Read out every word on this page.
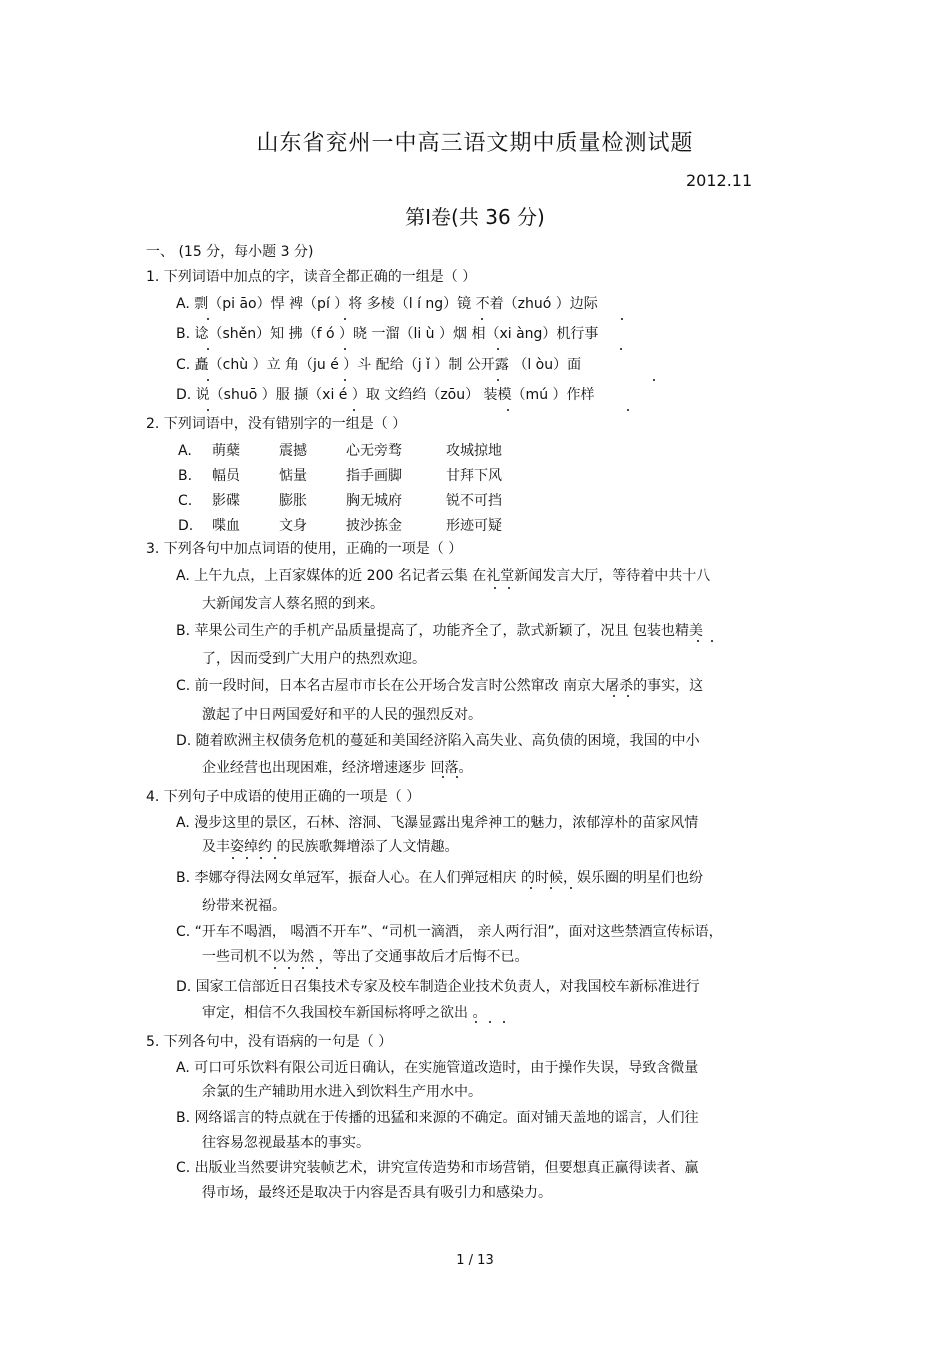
山东省兖州一中高三语文期中质量检测试题
2012.11
第Ⅰ卷(共 36 分)
一、 (15 分，每小题 3 分)
1. 下列词语中加点的字，读音全都正确的一组是（ ）
A. 剽（pi āo）悍 裨（pí ）将 多棱（l í ng）镜 不着（zhuó ）边际
B. 谂（shěn）知 拂（f ó ）晓 一溜（li ù ）烟 相（xi àng）机行事
C. 矗（chù ）立 角（ju é ）斗 配给（j ǐ ）制 公开露 （l òu）面
D. 说（shuō ）服 撷（xi é ）取 文绉绉（zōu） 装模（mú ）作样
2. 下列词语中，没有错别字的一组是（ ）
A. 萌蘖	震撼	心无旁骛	攻城掠地
B. 幅员	惦量	指手画脚	甘拜下风
C. 影碟	膨胀	胸无城府	锐不可挡
D. 喋血	文身	披沙拣金	形迹可疑
3. 下列各句中加点词语的使用，正确的一项是（ ）
A. 上午九点，上百家媒体的近 200 名记者云集 在礼堂新闻发言大厅，等待着中共十八
大新闻发言人蔡名照的到来。
B. 苹果公司生产的手机产品质量提高了，功能齐全了，款式新颖了，况且 包装也精美
了，因而受到广大用户的热烈欢迎。
C. 前一段时间，日本名古屋市市长在公开场合发言时公然窜改 南京大屠杀的事实，这
激起了中日两国爱好和平的人民的强烈反对。
D. 随着欧洲主权债务危机的蔓延和美国经济陷入高失业、高负债的困境，我国的中小
企业经营也出现困难，经济增速逐步 回落。
4. 下列句子中成语的使用正确的一项是（ ）
A. 漫步这里的景区，石林、溶洞、飞瀑显露出鬼斧神工的魅力，浓郁淳朴的苗家风情
及丰姿绰约 的民族歌舞增添了人文情趣。
B. 李娜夺得法网女单冠军，振奋人心。在人们弹冠相庆 的时候，娱乐圈的明星们也纷
纷带来祝福。
C. “开车不喝酒， 喝酒不开车”、“司机一滴酒， 亲人两行泪”，面对这些禁酒宣传标语，
一些司机不以为然 ，等出了交通事故后才后悔不已。
D. 国家工信部近日召集技术专家及校车制造企业技术负责人，对我国校车新标准进行
审定，相信不久我国校车新国标将呼之欲出 。
5. 下列各句中，没有语病的一句是（ ）
A. 可口可乐饮料有限公司近日确认，在实施管道改造时，由于操作失误，导致含微量
余氯的生产辅助用水进入到饮料生产用水中。
B. 网络谣言的特点就在于传播的迅猛和来源的不确定。面对铺天盖地的谣言，人们往
往容易忽视最基本的事实。
C. 出版业当然要讲究装帧艺术，讲究宣传造势和市场营销，但要想真正赢得读者、赢
得市场，最终还是取决于内容是否具有吸引力和感染力。
1 / 13
